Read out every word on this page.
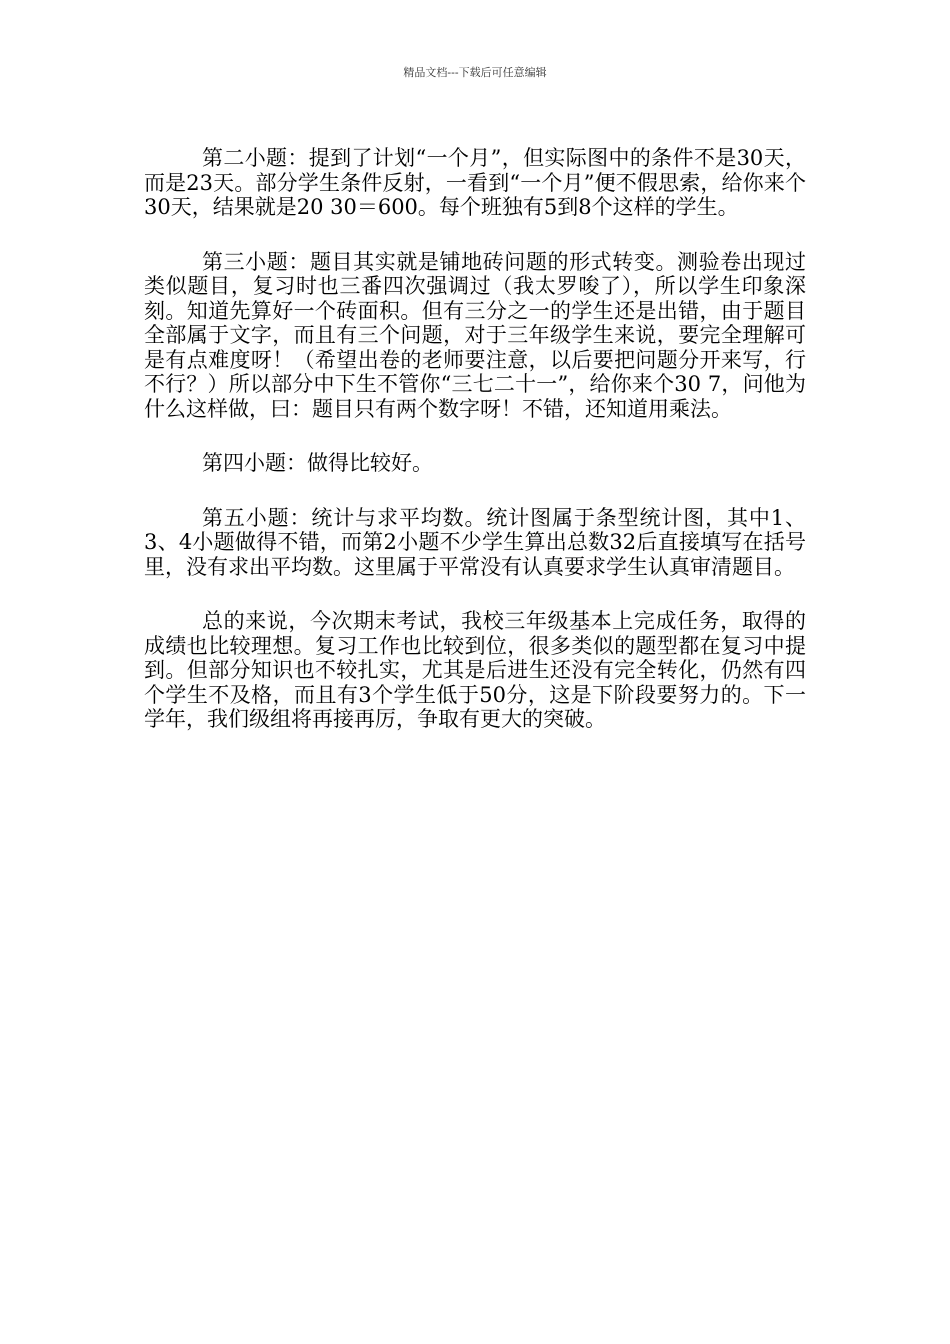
精品文档---下载后可任意编辑

第二小题：提到了计划“一个月”，但实际图中的条件不是30天，而是23天。部分学生条件反射，一看到“一个月”便不假思索，给你来个30天，结果就是20 30＝600。每个班独有5到8个这样的学生。

第三小题：题目其实就是铺地砖问题的形式转变。测验卷出现过类似题目，复习时也三番四次强调过（我太罗唆了），所以学生印象深刻。知道先算好一个砖面积。但有三分之一的学生还是出错，由于题目全部属于文字，而且有三个问题，对于三年级学生来说，要完全理解可是有点难度呀！（希望出卷的老师要注意，以后要把问题分开来写，行不行？）所以部分中下生不管你“三七二十一”，给你来个30 7，问他为什么这样做，曰：题目只有两个数字呀！不错，还知道用乘法。

第四小题：做得比较好。

第五小题：统计与求平均数。统计图属于条型统计图，其中1、3、4小题做得不错，而第2小题不少学生算出总数32后直接填写在括号里，没有求出平均数。这里属于平常没有认真要求学生认真审清题目。

总的来说，今次期末考试，我校三年级基本上完成任务，取得的成绩也比较理想。复习工作也比较到位，很多类似的题型都在复习中提到。但部分知识也不较扎实，尤其是后进生还没有完全转化，仍然有四个学生不及格，而且有3个学生低于50分，这是下阶段要努力的。下一学年，我们级组将再接再厉，争取有更大的突破。
